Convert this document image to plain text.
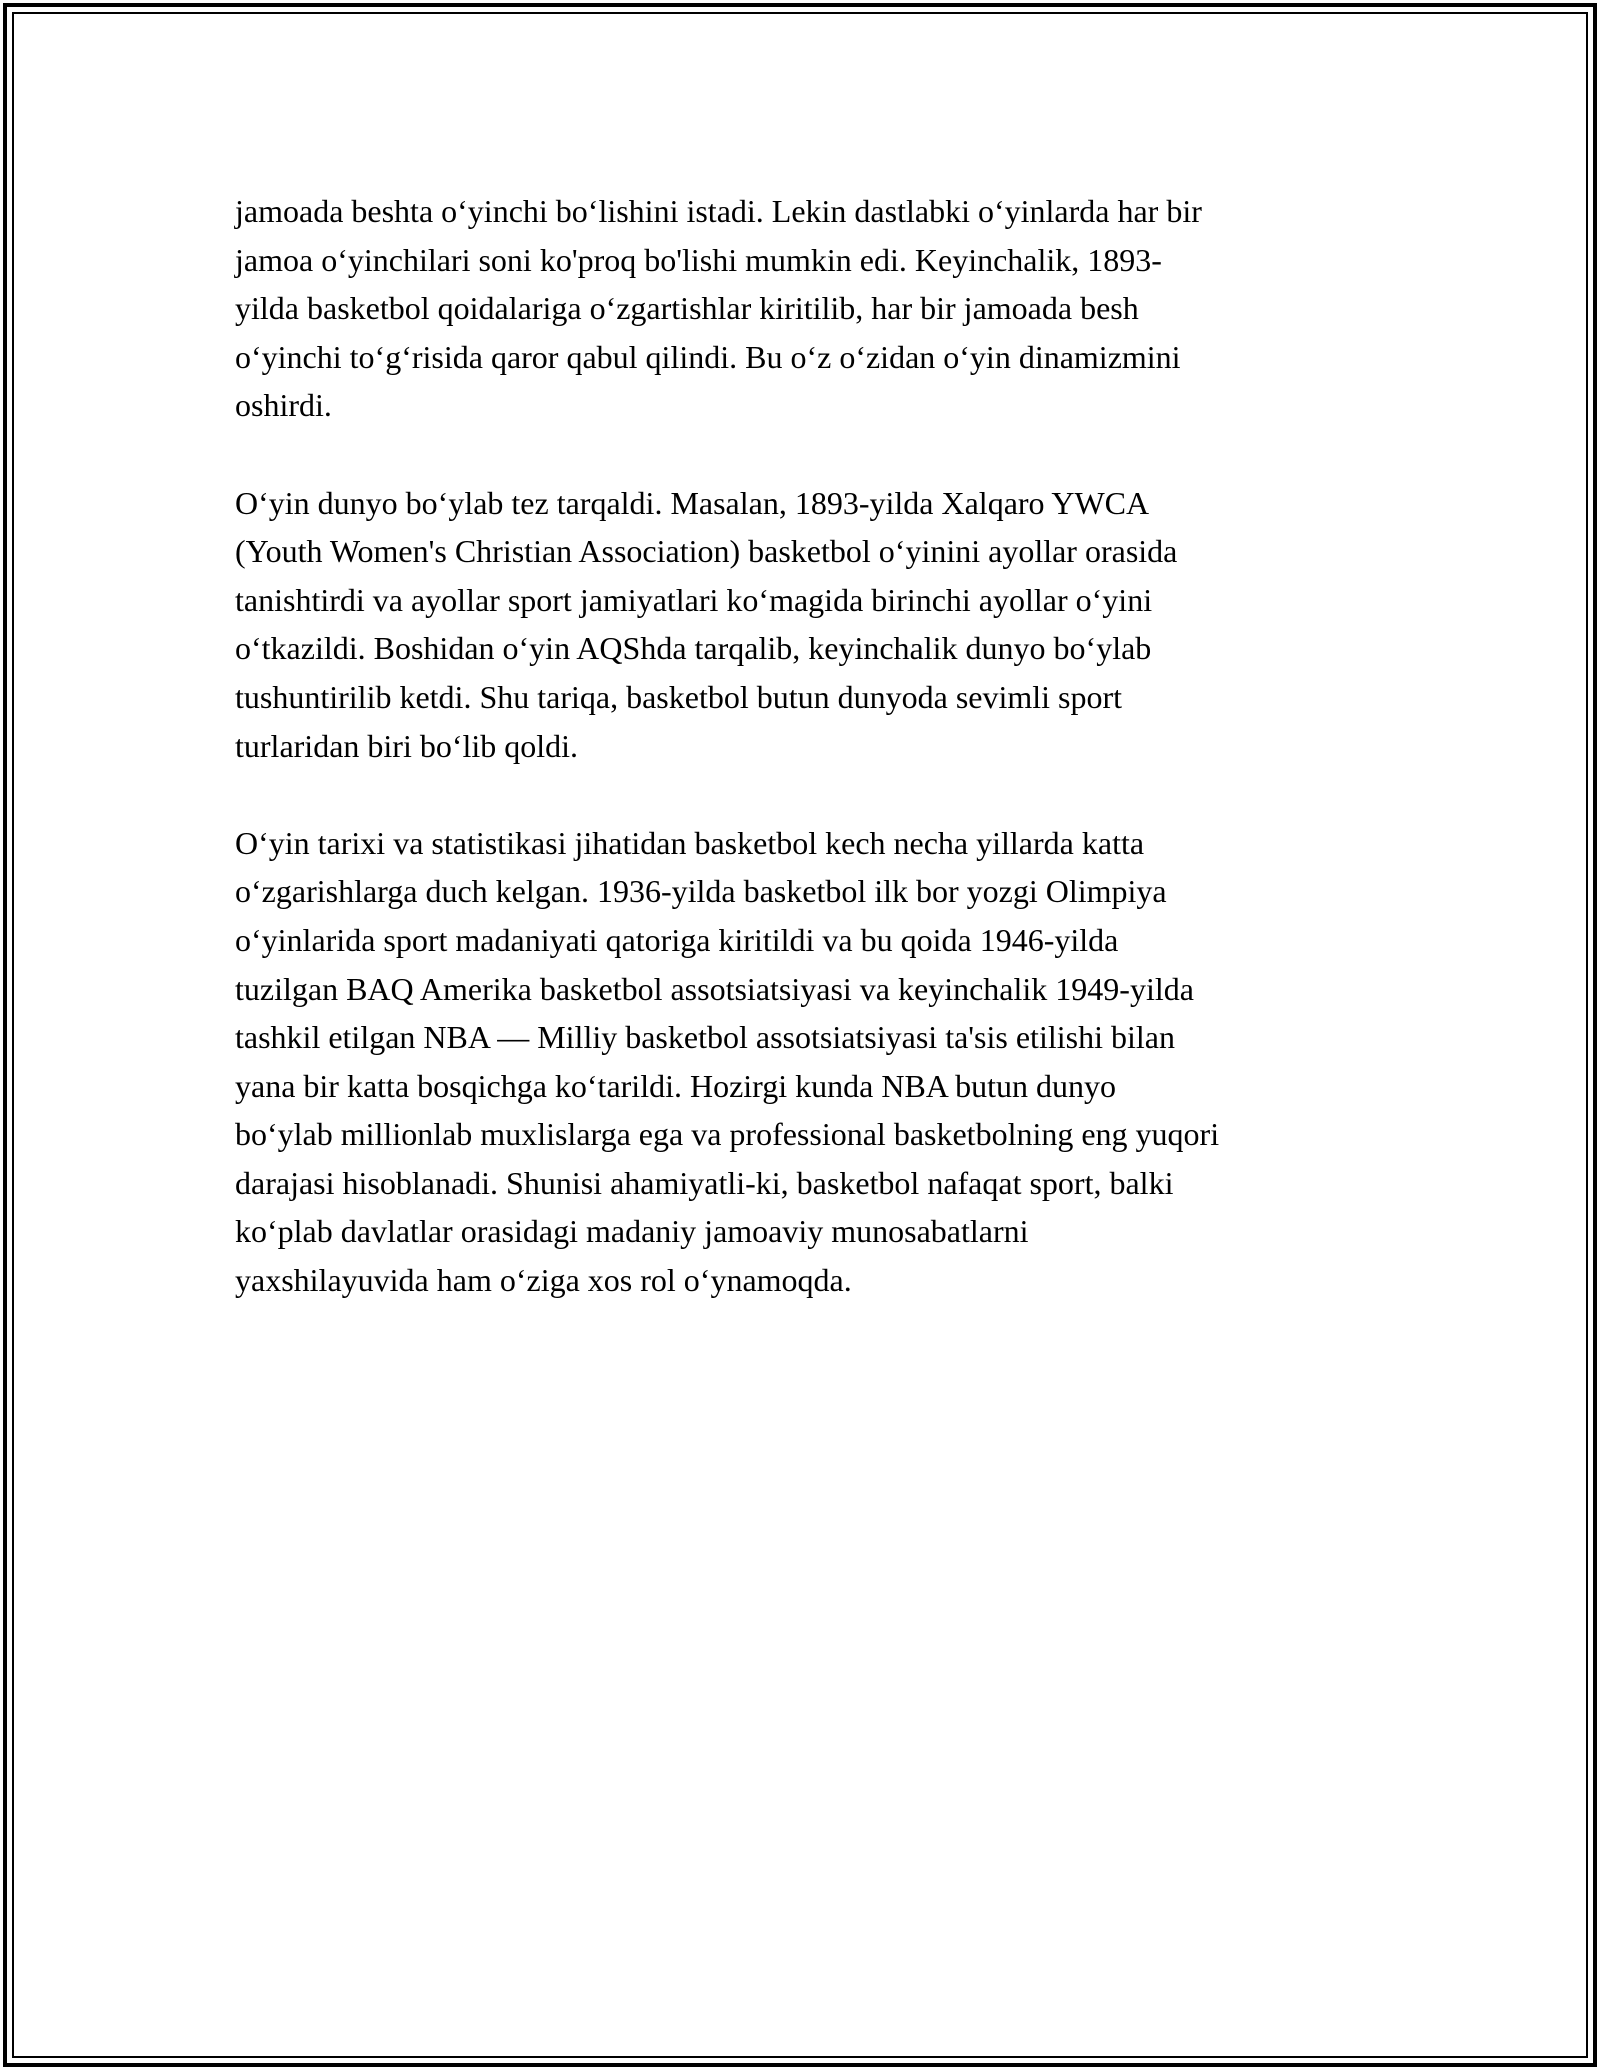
jamoada beshta o‘yinchi bo‘lishini istadi. Lekin dastlabki o‘yinlarda har bir
jamoa o‘yinchilari soni ko'proq bo'lishi mumkin edi. Keyinchalik, 1893-
yilda basketbol qoidalariga o‘zgartishlar kiritilib, har bir jamoada besh
o‘yinchi to‘g‘risida qaror qabul qilindi. Bu o‘z o‘zidan o‘yin dinamizmini
oshirdi.

O‘yin dunyo bo‘ylab tez tarqaldi. Masalan, 1893-yilda Xalqaro YWCA
(Youth Women's Christian Association) basketbol o‘yinini ayollar orasida
tanishtirdi va ayollar sport jamiyatlari ko‘magida birinchi ayollar o‘yini
o‘tkazildi. Boshidan o‘yin AQShda tarqalib, keyinchalik dunyo bo‘ylab
tushuntirilib ketdi. Shu tariqa, basketbol butun dunyoda sevimli sport
turlaridan biri bo‘lib qoldi.

O‘yin tarixi va statistikasi jihatidan basketbol kech necha yillarda katta
o‘zgarishlarga duch kelgan. 1936-yilda basketbol ilk bor yozgi Olimpiya
o‘yinlarida sport madaniyati qatoriga kiritildi va bu qoida 1946-yilda
tuzilgan BAQ Amerika basketbol assotsiatsiyasi va keyinchalik 1949-yilda
tashkil etilgan NBA — Milliy basketbol assotsiatsiyasi ta'sis etilishi bilan
yana bir katta bosqichga ko‘tarildi. Hozirgi kunda NBA butun dunyo
bo‘ylab millionlab muxlislarga ega va professional basketbolning eng yuqori
darajasi hisoblanadi. Shunisi ahamiyatli-ki, basketbol nafaqat sport, balki
ko‘plab davlatlar orasidagi madaniy jamoaviy munosabatlarni
yaxshilayuvida ham o‘ziga xos rol o‘ynamoqda.
